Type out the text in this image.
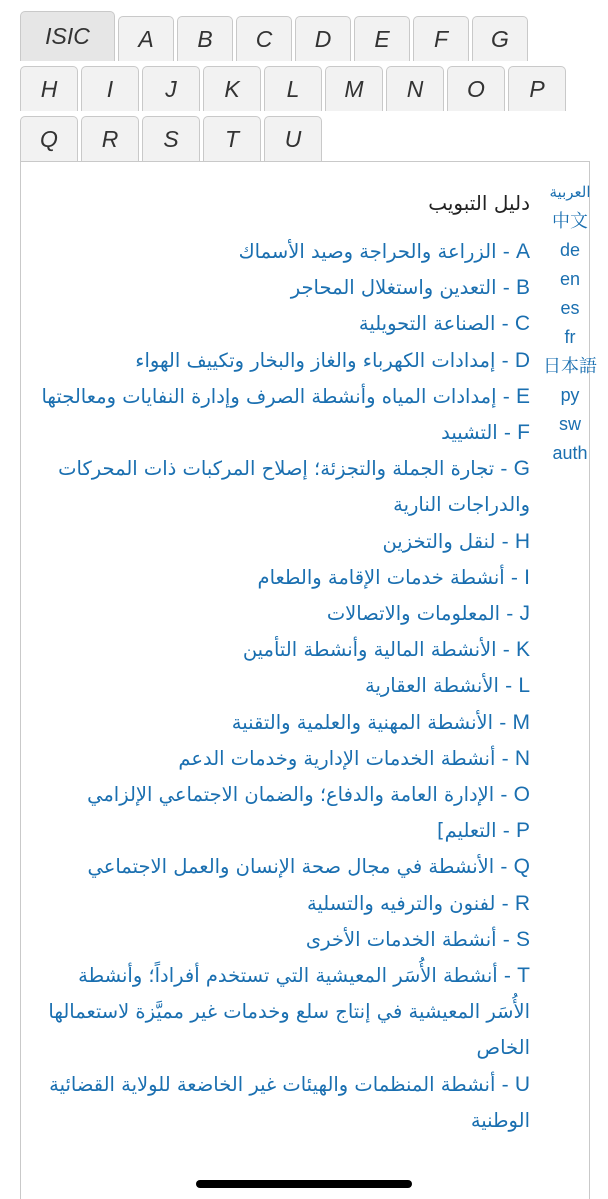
ISIC	A	B	C	D	E	F	G
H	I	J	K	L	M	N	O	P
Q	R	S	T	U
العربية
中文
de
en
es
fr
日本語
ру
sw
auth
دليل التبويب
A - الزراعة والحراجة وصيد الأسماك
B - التعدين واستغلال المحاجر
C - الصناعة التحويلية
D - إمدادات الكهرباء والغاز والبخار وتكييف الهواء
E - إمدادات المياه وأنشطة الصرف وإدارة النفايات ومعالجتها
F - التشييد
G - تجارة الجملة والتجزئة؛ إصلاح المركبات ذات المحركات والدراجات النارية
H - لنقل والتخزين
I - أنشطة خدمات الإقامة والطعام
J - المعلومات والاتصالات
K - الأنشطة المالية وأنشطة التأمين
L - الأنشطة العقارية
M - الأنشطة المهنية والعلمية والتقنية
N - أنشطة الخدمات الإدارية وخدمات الدعم
O - الإدارة العامة والدفاع؛ والضمان الاجتماعي الإلزامي
P - التعليم]
Q - الأنشطة في مجال صحة الإنسان والعمل الاجتماعي
R - لفنون والترفيه والتسلية
S - أنشطة الخدمات الأخرى
T - أنشطة الأُسَر المعيشية التي تستخدم أفراداً؛ وأنشطة الأُسَر المعيشية في إنتاج سلع وخدمات غير مميَّزة لاستعمالها الخاص
U - أنشطة المنظمات والهيئات غير الخاضعة للولاية القضائية الوطنية
